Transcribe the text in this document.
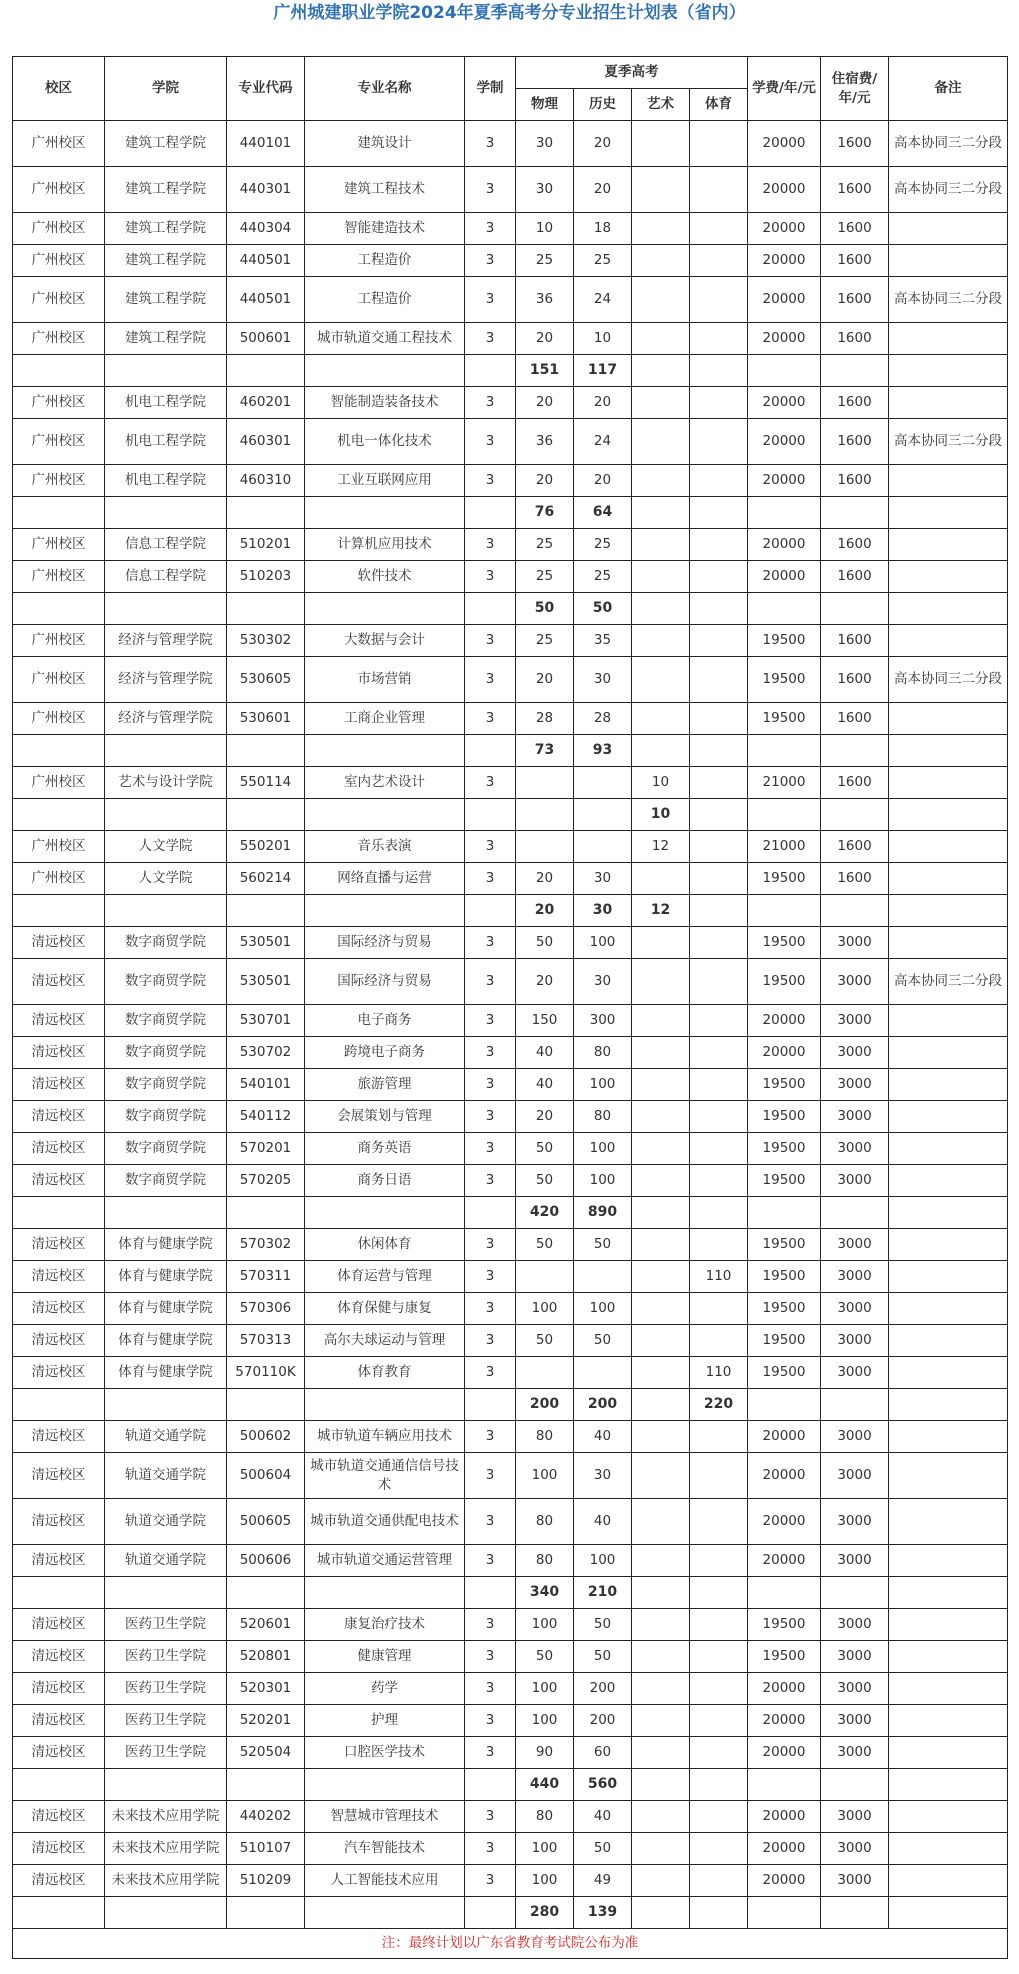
广州城建职业学院2024年夏季高考分专业招生计划表（省内）
校区	学院	专业代码	专业名称	学制	夏季高考				学费/年/元	住宿费/年/元	备注
					物理	历史	艺术	体育			
广州校区	建筑工程学院	440101	建筑设计	3	30	20			20000	1600	高本协同三二分段
广州校区	建筑工程学院	440301	建筑工程技术	3	30	20			20000	1600	高本协同三二分段
广州校区	建筑工程学院	440304	智能建造技术	3	10	18			20000	1600	
广州校区	建筑工程学院	440501	工程造价	3	25	25			20000	1600	
广州校区	建筑工程学院	440501	工程造价	3	36	24			20000	1600	高本协同三二分段
广州校区	建筑工程学院	500601	城市轨道交通工程技术	3	20	10			20000	1600	
					151	117					
广州校区	机电工程学院	460201	智能制造装备技术	3	20	20			20000	1600	
广州校区	机电工程学院	460301	机电一体化技术	3	36	24			20000	1600	高本协同三二分段
广州校区	机电工程学院	460310	工业互联网应用	3	20	20			20000	1600	
					76	64					
广州校区	信息工程学院	510201	计算机应用技术	3	25	25			20000	1600	
广州校区	信息工程学院	510203	软件技术	3	25	25			20000	1600	
					50	50					
广州校区	经济与管理学院	530302	大数据与会计	3	25	35			19500	1600	
广州校区	经济与管理学院	530605	市场营销	3	20	30			19500	1600	高本协同三二分段
广州校区	经济与管理学院	530601	工商企业管理	3	28	28			19500	1600	
					73	93					
广州校区	艺术与设计学院	550114	室内艺术设计	3			10		21000	1600	
							10				
广州校区	人文学院	550201	音乐表演	3			12		21000	1600	
广州校区	人文学院	560214	网络直播与运营	3	20	30			19500	1600	
					20	30	12				
清远校区	数字商贸学院	530501	国际经济与贸易	3	50	100			19500	3000	
清远校区	数字商贸学院	530501	国际经济与贸易	3	20	30			19500	3000	高本协同三二分段
清远校区	数字商贸学院	530701	电子商务	3	150	300			20000	3000	
清远校区	数字商贸学院	530702	跨境电子商务	3	40	80			20000	3000	
清远校区	数字商贸学院	540101	旅游管理	3	40	100			19500	3000	
清远校区	数字商贸学院	540112	会展策划与管理	3	20	80			19500	3000	
清远校区	数字商贸学院	570201	商务英语	3	50	100			19500	3000	
清远校区	数字商贸学院	570205	商务日语	3	50	100			19500	3000	
					420	890					
清远校区	体育与健康学院	570302	休闲体育	3	50	50			19500	3000	
清远校区	体育与健康学院	570311	体育运营与管理	3				110	19500	3000	
清远校区	体育与健康学院	570306	体育保健与康复	3	100	100			19500	3000	
清远校区	体育与健康学院	570313	高尔夫球运动与管理	3	50	50			19500	3000	
清远校区	体育与健康学院	570110K	体育教育	3				110	19500	3000	
					200	200		220			
清远校区	轨道交通学院	500602	城市轨道车辆应用技术	3	80	40			20000	3000	
清远校区	轨道交通学院	500604	城市轨道交通通信信号技术	3	100	30			20000	3000	
清远校区	轨道交通学院	500605	城市轨道交通供配电技术	3	80	40			20000	3000	
清远校区	轨道交通学院	500606	城市轨道交通运营管理	3	80	100			20000	3000	
					340	210					
清远校区	医药卫生学院	520601	康复治疗技术	3	100	50			19500	3000	
清远校区	医药卫生学院	520801	健康管理	3	50	50			19500	3000	
清远校区	医药卫生学院	520301	药学	3	100	200			20000	3000	
清远校区	医药卫生学院	520201	护理	3	100	200			20000	3000	
清远校区	医药卫生学院	520504	口腔医学技术	3	90	60			20000	3000	
					440	560					
清远校区	未来技术应用学院	440202	智慧城市管理技术	3	80	40			20000	3000	
清远校区	未来技术应用学院	510107	汽车智能技术	3	100	50			20000	3000	
清远校区	未来技术应用学院	510209	人工智能技术应用	3	100	49			20000	3000	
					280	139					
注：最终计划以广东省教育考试院公布为准											
